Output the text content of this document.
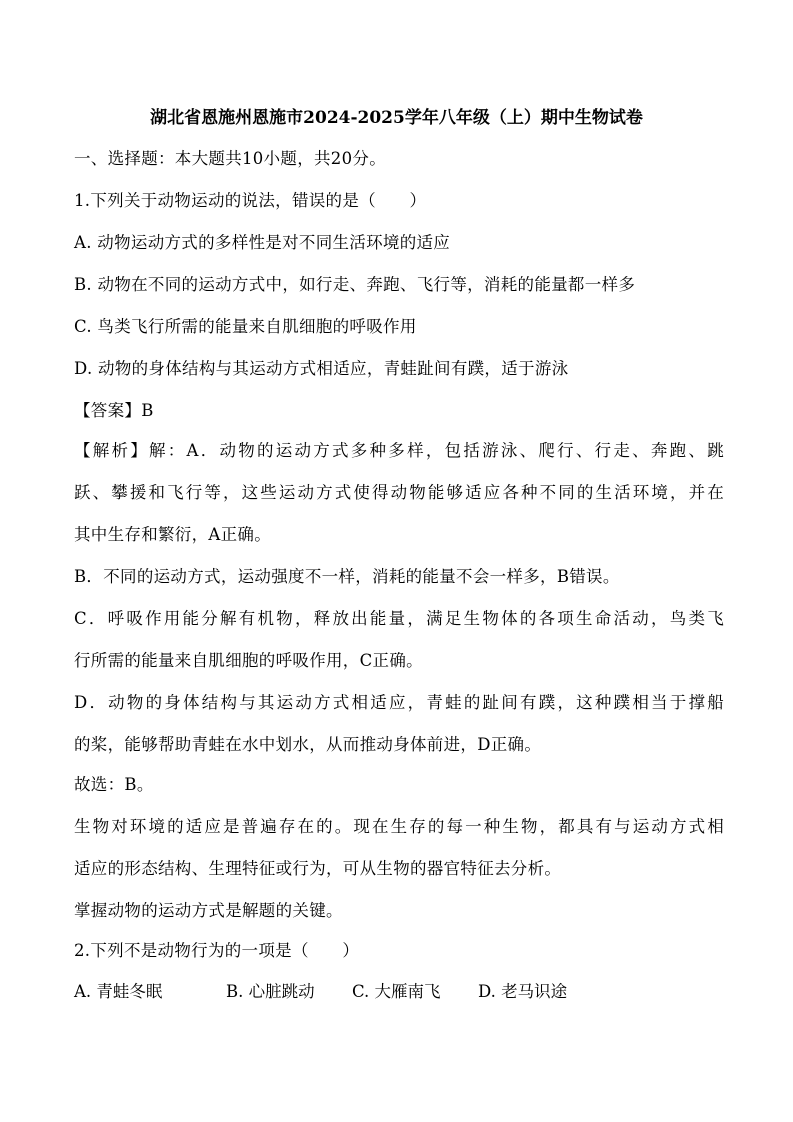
湖北省恩施州恩施市2024-2025学年八年级（上）期中生物试卷
一、选择题：本大题共10小题，共20分。
1.下列关于动物运动的说法，错误的是（　　）
A. 动物运动方式的多样性是对不同生活环境的适应
B. 动物在不同的运动方式中，如行走、奔跑、飞行等，消耗的能量都一样多
C. 鸟类飞行所需的能量来自肌细胞的呼吸作用
D. 动物的身体结构与其运动方式相适应，青蛙趾间有蹼，适于游泳
【答案】B
【解析】解：A．动物的运动方式多种多样，包括游泳、爬行、行走、奔跑、跳
跃、攀援和飞行等，这些运动方式使得动物能够适应各种不同的生活环境，并在
其中生存和繁衍，A正确。
B．不同的运动方式，运动强度不一样，消耗的能量不会一样多，B错误。
C．呼吸作用能分解有机物，释放出能量，满足生物体的各项生命活动，鸟类飞
行所需的能量来自肌细胞的呼吸作用，C正确。
D．动物的身体结构与其运动方式相适应，青蛙的趾间有蹼，这种蹼相当于撑船
的桨，能够帮助青蛙在水中划水，从而推动身体前进，D正确。
故选：B。
生物对环境的适应是普遍存在的。现在生存的每一种生物，都具有与运动方式相
适应的形态结构、生理特征或行为，可从生物的器官特征去分析。
掌握动物的运动方式是解题的关键。
2.下列不是动物行为的一项是（　　）
A. 青蛙冬眠	B. 心脏跳动 C. 大雁南飞 D. 老马识途
